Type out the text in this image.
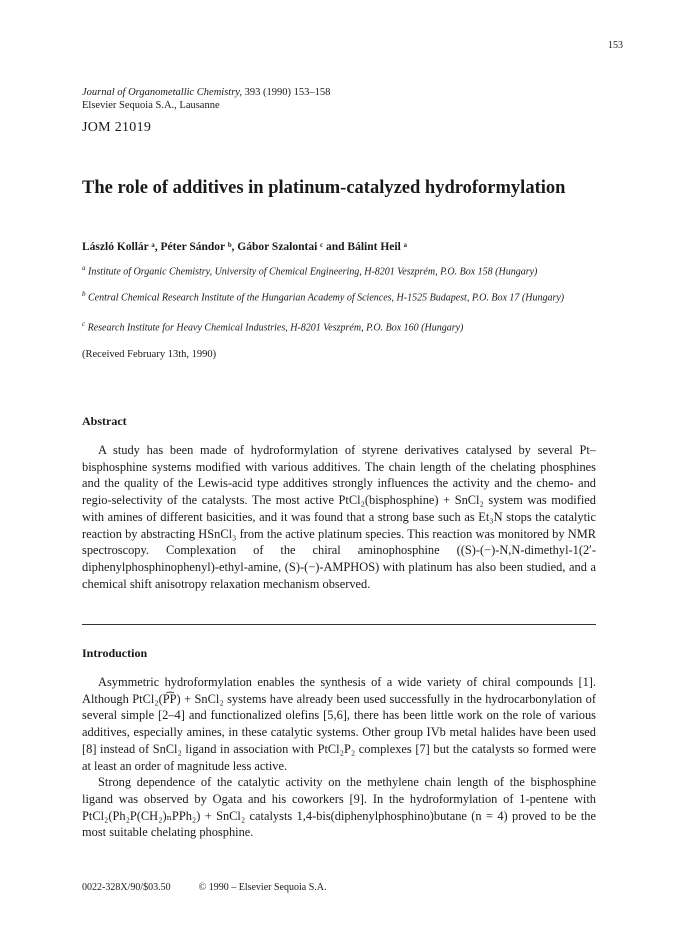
153
Journal of Organometallic Chemistry, 393 (1990) 153–158
Elsevier Sequoia S.A., Lausanne
JOM 21019
The role of additives in platinum-catalyzed hydroformylation
László Kollár ᵃ, Péter Sándor ᵇ, Gábor Szalontai ᶜ and Bálint Heil ᵃ
$^a$ Institute of Organic Chemistry, University of Chemical Engineering, H-8201 Veszprém, P.O. Box 158 (Hungary)
$^b$ Central Chemical Research Institute of the Hungarian Academy of Sciences, H-1525 Budapest, P.O. Box 17 (Hungary)
$^c$ Research Institute for Heavy Chemical Industries, H-8201 Veszprém, P.O. Box 160 (Hungary)
(Received February 13th, 1990)
Abstract

A study has been made of hydroformylation of styrene derivatives catalysed by several Pt–bisphosphine systems modified with various additives. The chain length of the chelating phosphines and the quality of the Lewis-acid type additives strongly influences the activity and the chemo- and regio-selectivity of the catalysts. The most active PtCl₂(bisphosphine) + SnCl₂ system was modified with amines of different basicities, and it was found that a strong base such as Et₃N stops the catalytic reaction by abstracting HSnCl₃ from the active platinum species. This reaction was monitored by NMR spectroscopy. Complexation of the chiral aminophosphine ((S)-(−)-N,N-dimethyl-1(2′-diphenylphosphinophenyl)-ethyl-amine, (S)-(−)-AMPHOS) with platinum has also been studied, and a chemical shift anisotropy relaxation mechanism observed.

Introduction

Asymmetric hydroformylation enables the synthesis of a wide variety of chiral compounds [1]. Although PtCl₂(P͡P) + SnCl₂ systems have already been used successfully in the hydrocarbonylation of several simple [2–4] and functionalized olefins [5,6], there has been little work on the role of various additives, especially amines, in these catalytic systems. Other group IVb metal halides have been used [8] instead of SnCl₂ ligand in association with PtCl₂P₂ complexes [7] but the catalysts so formed were at least an order of magnitude less active.

Strong dependence of the catalytic activity on the methylene chain length of the bisphosphine ligand was observed by Ogata and his coworkers [9]. In the hydroformylation of 1-pentene with PtCl₂(Ph₂P(CH₂)ₙPPh₂) + SnCl₂ catalysts 1,4-bis(diphenylphosphino)butane (n = 4) proved to be the most suitable chelating phosphine.

0022-328X/90/$03.50	© 1990 – Elsevier Sequoia S.A.
